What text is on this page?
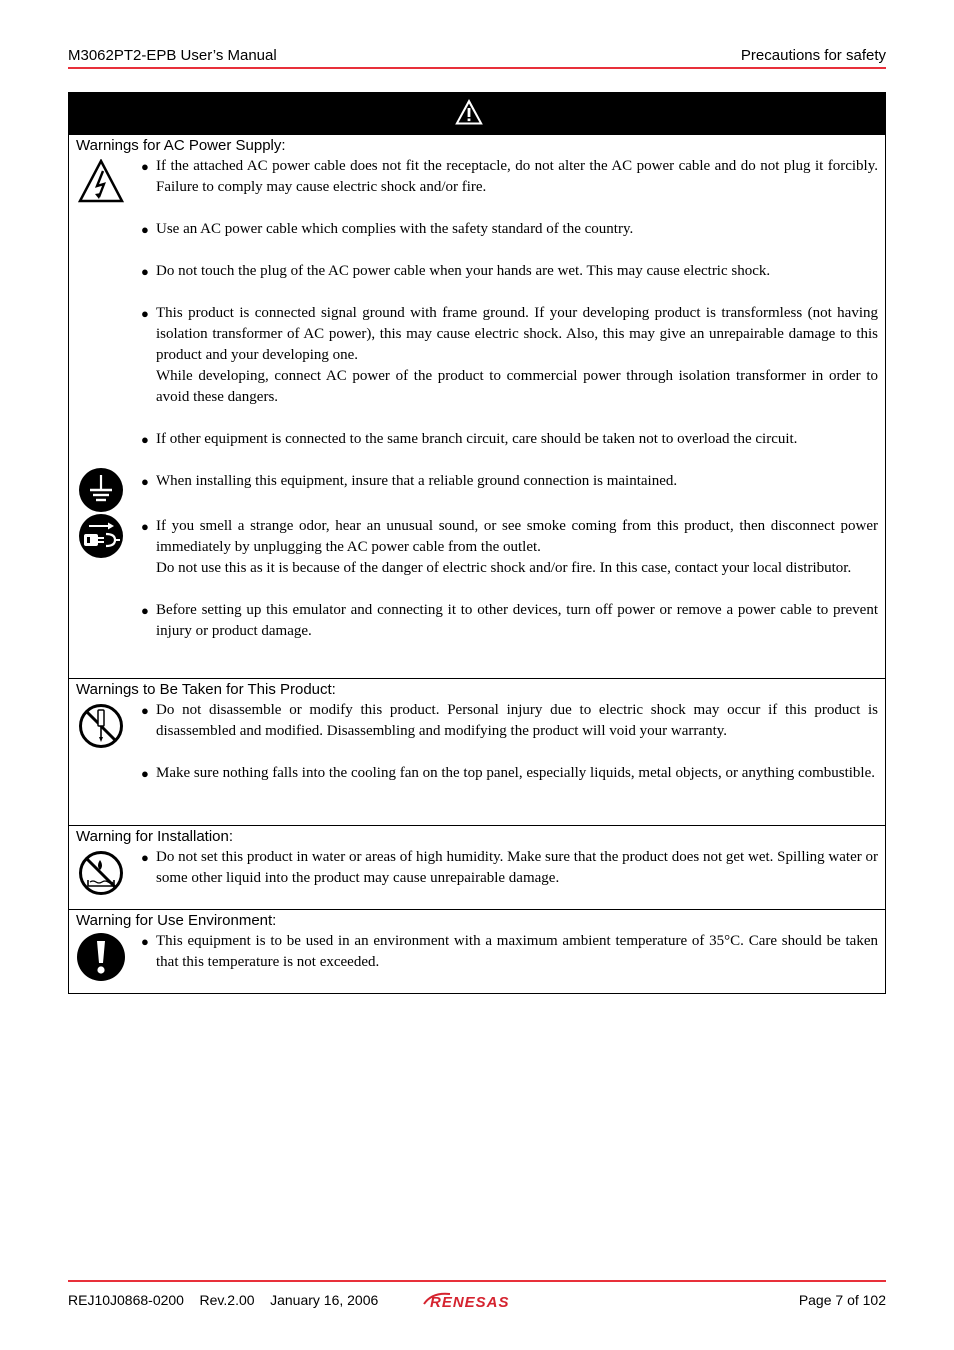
M3062PT2-EPB User’s Manual	Precautions for safety
Warnings for AC Power Supply:
● If the attached AC power cable does not fit the receptacle, do not alter the AC power cable and do not plug it forcibly. Failure to comply may cause electric shock and/or fire.

● Use an AC power cable which complies with the safety standard of the country.

● Do not touch the plug of the AC power cable when your hands are wet. This may cause electric shock.

● This product is connected signal ground with frame ground. If your developing product is transformless (not having isolation transformer of AC power), this may cause electric shock. Also, this may give an unrepairable damage to this product and your developing one.

While developing, connect AC power of the product to commercial power through isolation transformer in order to avoid these dangers.

● If other equipment is connected to the same branch circuit, care should be taken not to overload the circuit.

● When installing this equipment, insure that a reliable ground connection is maintained.

● If you smell a strange odor, hear an unusual sound, or see smoke coming from this product, then disconnect power immediately by unplugging the AC power cable from the outlet.

Do not use this as it is because of the danger of electric shock and/or fire. In this case, contact your local distributor.

● Before setting up this emulator and connecting it to other devices, turn off power or remove a power cable to prevent injury or product damage.

Warnings to Be Taken for This Product:
● Do not disassemble or modify this product. Personal injury due to electric shock may occur if this product is disassembled and modified. Disassembling and modifying the product will void your warranty.

● Make sure nothing falls into the cooling fan on the top panel, especially liquids, metal objects, or anything combustible.

Warning for Installation:
● Do not set this product in water or areas of high humidity. Make sure that the product does not get wet. Spilling water or some other liquid into the product may cause unrepairable damage.

Warning for Use Environment:
● This equipment is to be used in an environment with a maximum ambient temperature of 35°C. Care should be taken that this temperature is not exceeded.

REJ10J0868-0200    Rev.2.00    January 16, 2006	RENESAS	Page 7 of 102
